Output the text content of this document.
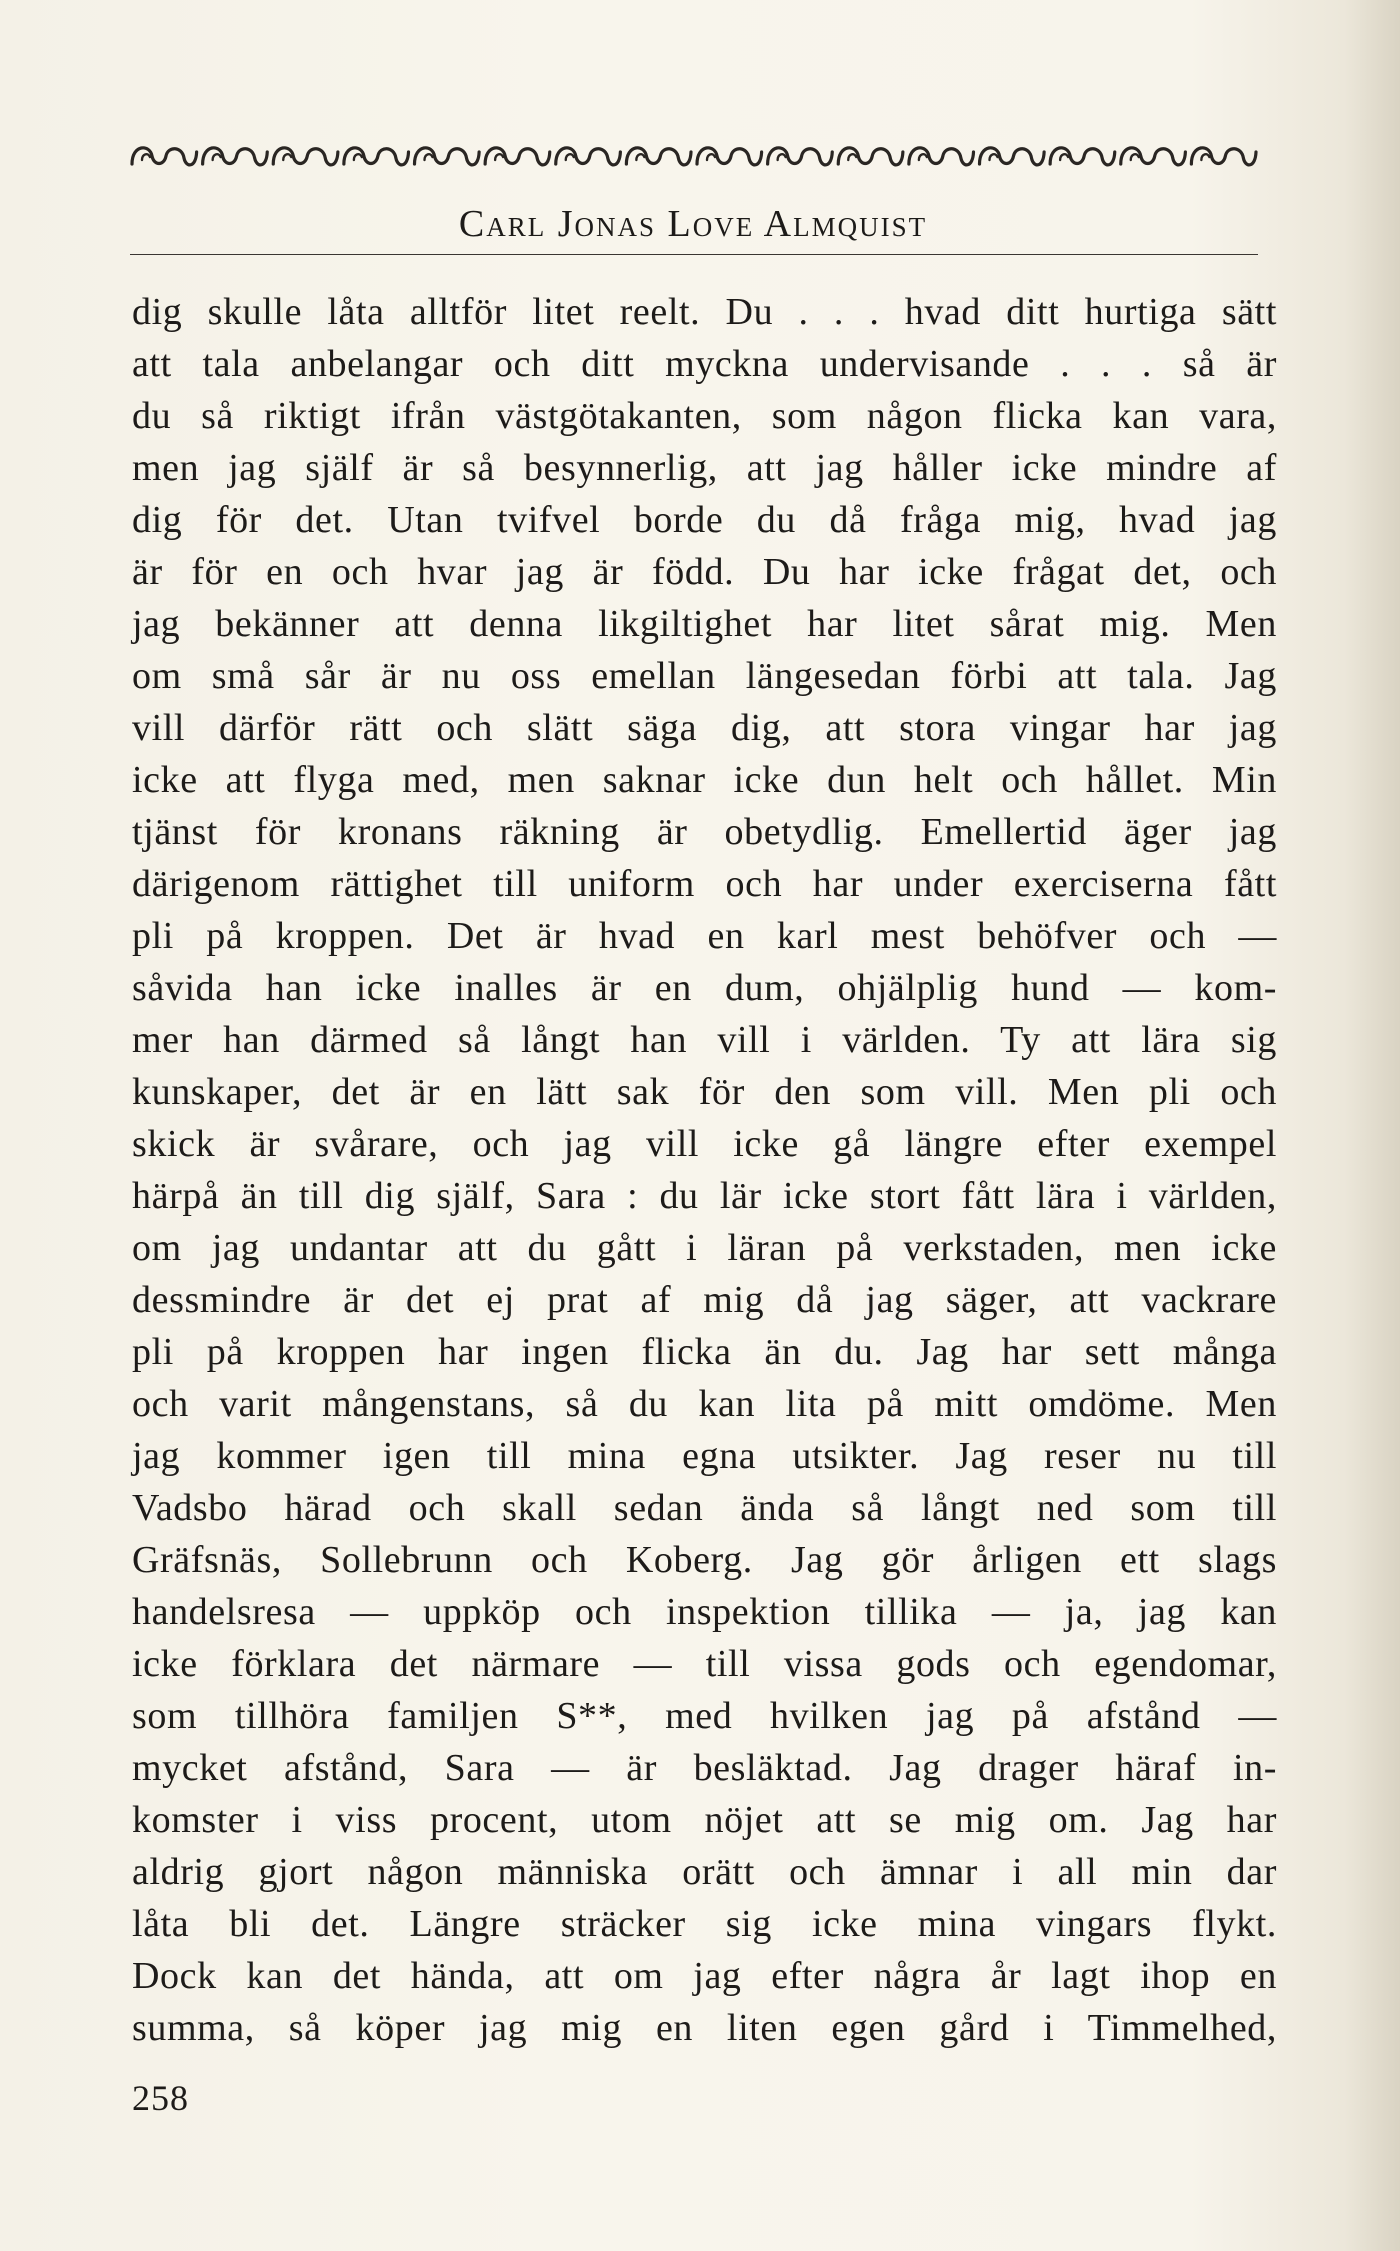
Carl Jonas Love Almquist
dig skulle låta alltför litet reelt. Du . . . hvad ditt hurtiga sätt
att tala anbelangar och ditt myckna undervisande . . . så är
du så riktigt ifrån västgötakanten, som någon flicka kan vara,
men jag själf är så besynnerlig, att jag håller icke mindre af
dig för det. Utan tvifvel borde du då fråga mig, hvad jag
är för en och hvar jag är född. Du har icke frågat det, och
jag bekänner att denna likgiltighet har litet sårat mig. Men
om små sår är nu oss emellan längesedan förbi att tala. Jag
vill därför rätt och slätt säga dig, att stora vingar har jag
icke att flyga med, men saknar icke dun helt och hållet. Min
tjänst för kronans räkning är obetydlig. Emellertid äger jag
därigenom rättighet till uniform och har under exerciserna fått
pli på kroppen. Det är hvad en karl mest behöfver och —
såvida han icke inalles är en dum, ohjälplig hund — kom-
mer han därmed så långt han vill i världen. Ty att lära sig
kunskaper, det är en lätt sak för den som vill. Men pli och
skick är svårare, och jag vill icke gå längre efter exempel
härpå än till dig själf, Sara : du lär icke stort fått lära i världen,
om jag undantar att du gått i läran på verkstaden, men icke
dessmindre är det ej prat af mig då jag säger, att vackrare
pli på kroppen har ingen flicka än du. Jag har sett många
och varit mångenstans, så du kan lita på mitt omdöme. Men
jag kommer igen till mina egna utsikter. Jag reser nu till
Vadsbo härad och skall sedan ända så långt ned som till
Gräfsnäs, Sollebrunn och Koberg. Jag gör årligen ett slags
handelsresa — uppköp och inspektion tillika — ja, jag kan
icke förklara det närmare — till vissa gods och egendomar,
som tillhöra familjen S**, med hvilken jag på afstånd —
mycket afstånd, Sara — är besläktad. Jag drager häraf in-
komster i viss procent, utom nöjet att se mig om. Jag har
aldrig gjort någon människa orätt och ämnar i all min dar
låta bli det. Längre sträcker sig icke mina vingars flykt.
Dock kan det hända, att om jag efter några år lagt ihop en
summa, så köper jag mig en liten egen gård i Timmelhed,
258
